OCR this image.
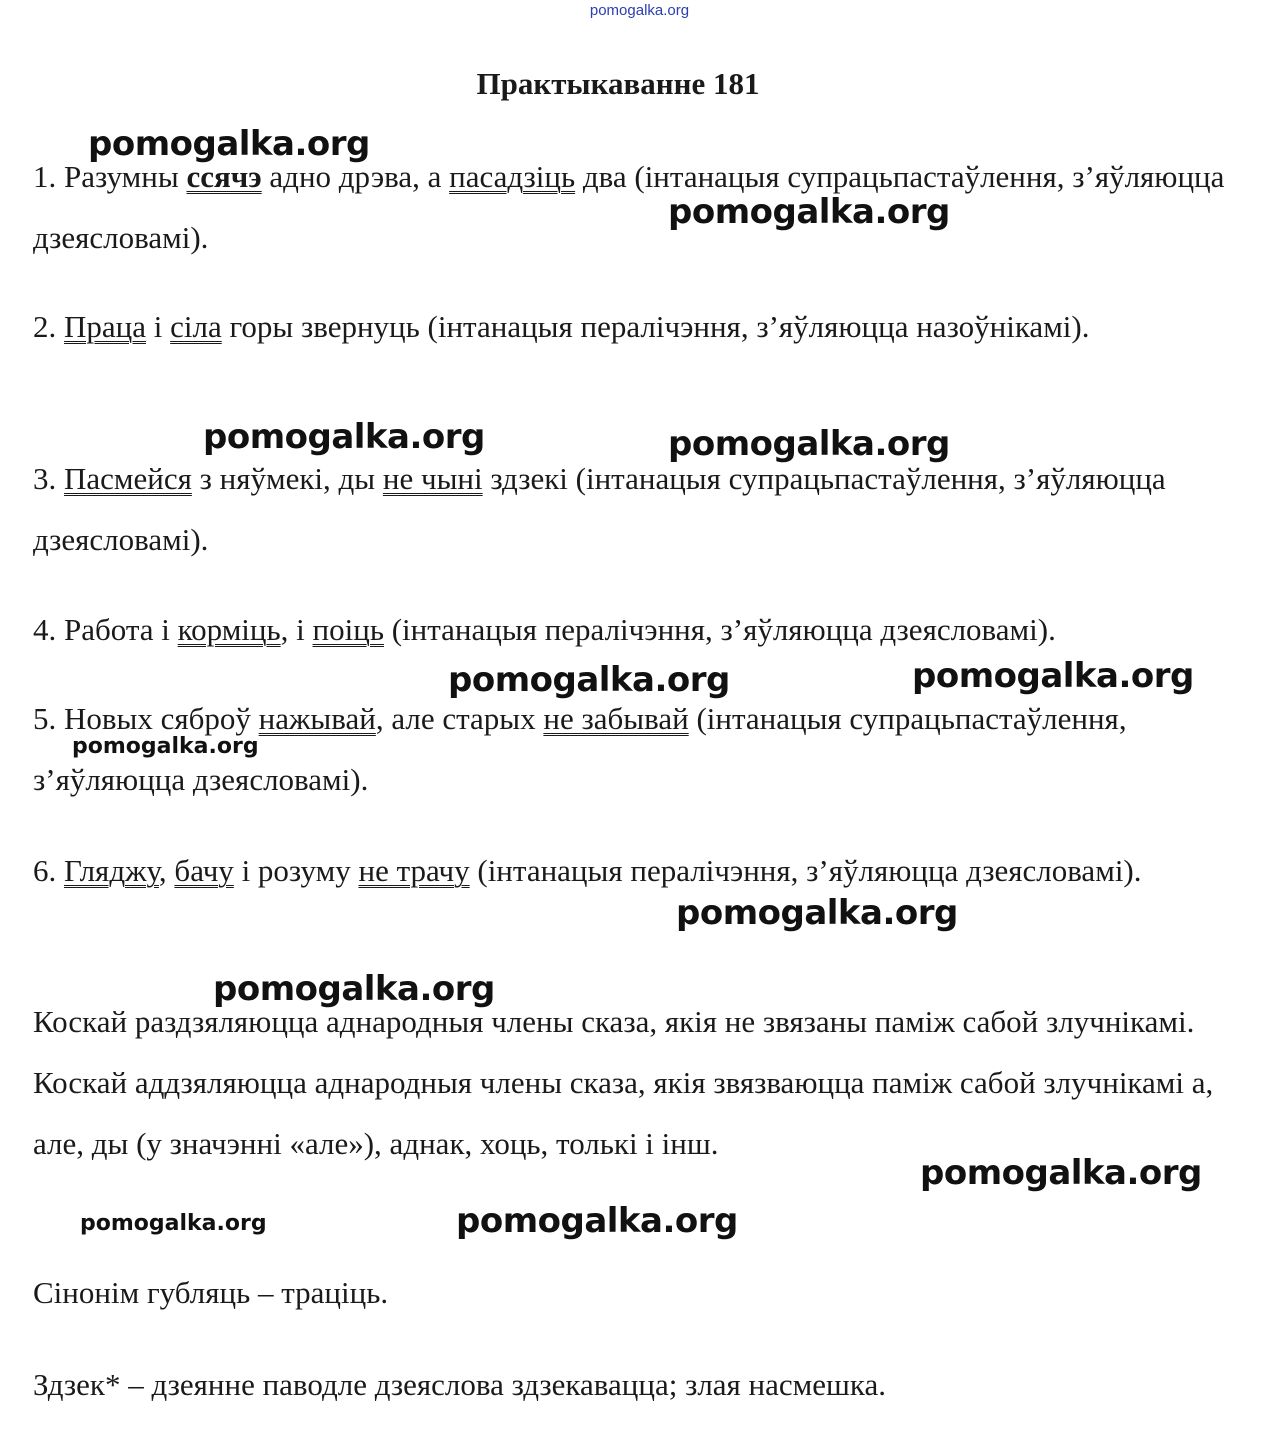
pomogalka.org
Практыкаванне 181

1. Разумны ссячэ адно дрэва, а пасадзіць два (інтанацыя супрацьпастаўлення, з’яўляюцца дзеясловамі).

2. Праца і сіла горы звернуць (інтанацыя пералічэння, з’яўляюцца назоўнікамі).

3. Пасмейся з няўмекі, ды не чыні здзекі (інтанацыя супрацьпастаўлення, з’яўляюцца дзеясловамі).

4. Работа і корміць, і поіць (інтанацыя пералічэння, з’яўляюцца дзеясловамі).

5. Новых сяброў нажывай, але старых не забывай (інтанацыя супрацьпастаўлення, з’яўляюцца дзеясловамі).

6. Гляджу, бачу і розуму не трачу (інтанацыя пералічэння, з’яўляюцца дзеясловамі).

Коскай раздзяляюцца аднародныя члены сказа, якія не звязаны паміж сабой злучнікамі. Коскай аддзяляюцца аднародныя члены сказа, якія звязваюцца паміж сабой злучнікамі а, але, ды (у значэнні «але»), аднак, хоць, толькі і інш.

Сінонім губляць – траціць.

Здзек* – дзеянне паводле дзеяслова здзекавацца; злая насмешка.

pomogalka.org
pomogalka.org
pomogalka.org	pomogalka.org
pomogalka.org	pomogalka.org
pomogalka.org
pomogalka.org
pomogalka.org
pomogalka.org
pomogalka.org	pomogalka.org
